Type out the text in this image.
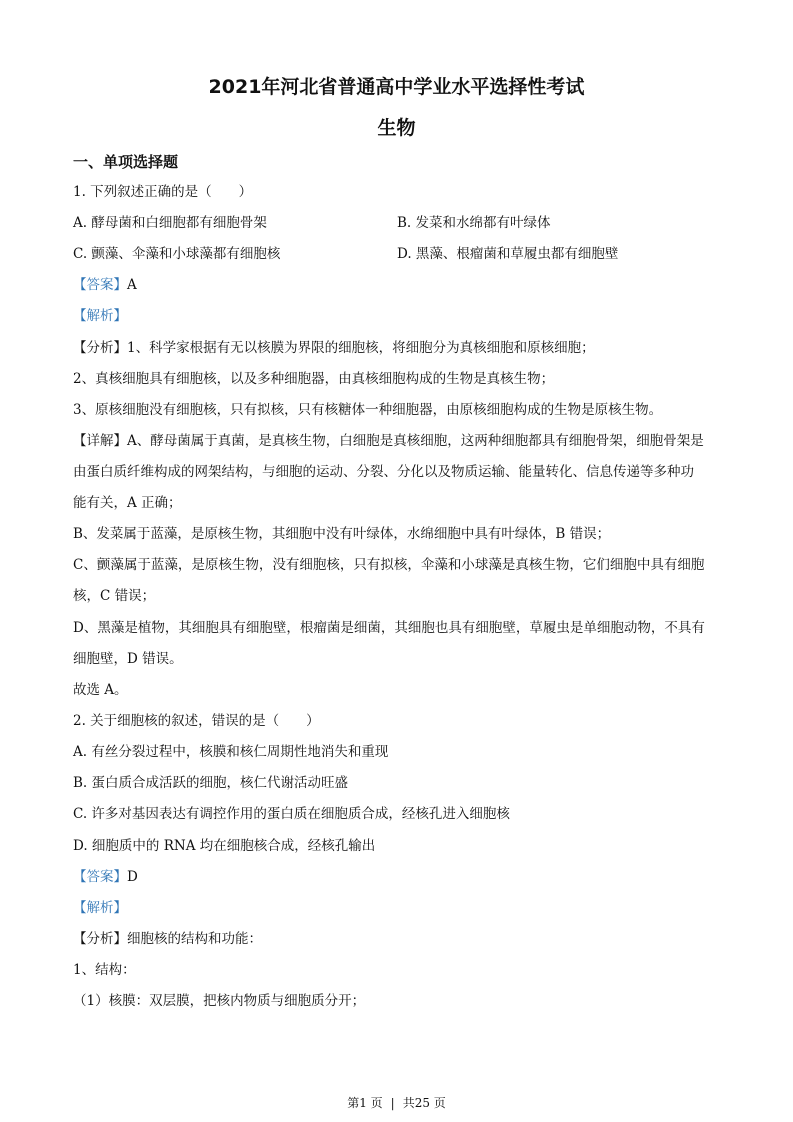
2021年河北省普通高中学业水平选择性考试
生物
一、单项选择题
1. 下列叙述正确的是（　　）
A. 酵母菌和白细胞都有细胞骨架	B. 发菜和水绵都有叶绿体
C. 颤藻、伞藻和小球藻都有细胞核	D. 黑藻、根瘤菌和草履虫都有细胞壁
【答案】A
【解析】
【分析】1、科学家根据有无以核膜为界限的细胞核，将细胞分为真核细胞和原核细胞；
2、真核细胞具有细胞核，以及多种细胞器，由真核细胞构成的生物是真核生物；
3、原核细胞没有细胞核，只有拟核，只有核糖体一种细胞器，由原核细胞构成的生物是原核生物。
【详解】A、酵母菌属于真菌，是真核生物，白细胞是真核细胞，这两种细胞都具有细胞骨架，细胞骨架是
由蛋白质纤维构成的网架结构，与细胞的运动、分裂、分化以及物质运输、能量转化、信息传递等多种功
能有关，A 正确；
B、发菜属于蓝藻，是原核生物，其细胞中没有叶绿体，水绵细胞中具有叶绿体，B 错误；
C、颤藻属于蓝藻，是原核生物，没有细胞核，只有拟核，伞藻和小球藻是真核生物，它们细胞中具有细胞
核，C 错误；
D、黑藻是植物，其细胞具有细胞壁，根瘤菌是细菌，其细胞也具有细胞壁，草履虫是单细胞动物，不具有
细胞壁，D 错误。
故选 A。
2. 关于细胞核的叙述，错误的是（　　）
A. 有丝分裂过程中，核膜和核仁周期性地消失和重现
B. 蛋白质合成活跃的细胞，核仁代谢活动旺盛
C. 许多对基因表达有调控作用的蛋白质在细胞质合成，经核孔进入细胞核
D. 细胞质中的 RNA 均在细胞核合成，经核孔输出
【答案】D
【解析】
【分析】细胞核的结构和功能：
1、结构：
（1）核膜：双层膜，把核内物质与细胞质分开；
第1 页 | 共25 页
